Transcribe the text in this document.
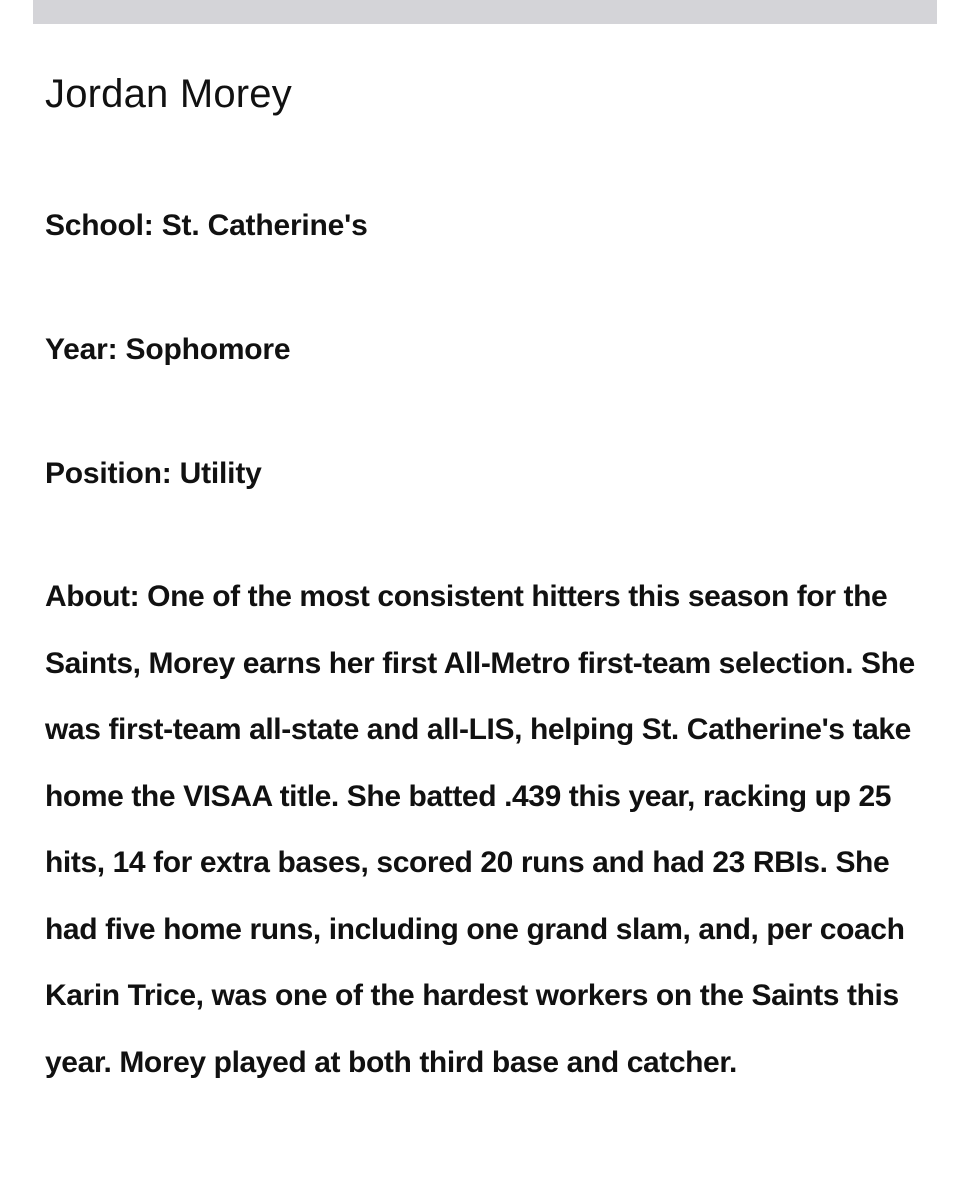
Jordan Morey

School: St. Catherine's

Year: Sophomore

Position: Utility

About: One of the most consistent hitters this season for the Saints, Morey earns her first All-Metro first-team selection. She was first-team all-state and all-LIS, helping St. Catherine's take home the VISAA title. She batted .439 this year, racking up 25 hits, 14 for extra bases, scored 20 runs and had 23 RBIs. She had five home runs, including one grand slam, and, per coach Karin Trice, was one of the hardest workers on the Saints this year. Morey played at both third base and catcher.
